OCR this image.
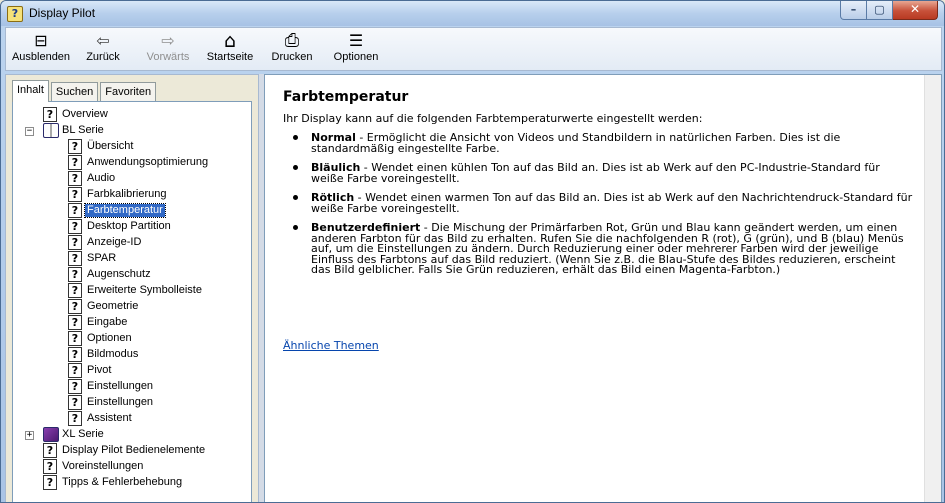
? Display Pilot	–	▢	✕
⊟
Ausblenden
⇦
Zurück
⇨
Vorwärts
⌂
Startseite
⎙
Drucken
☰
Optionen
Inhalt	Suchen	Favoriten
? Overview
−	BL Serie
? Übersicht
? Anwendungsoptimierung
? Audio
? Farbkalibrierung
? Farbtemperatur
? Desktop Partition
? Anzeige-ID
? SPAR
? Augenschutz
? Erweiterte Symbolleiste
? Geometrie
? Eingabe
? Optionen
? Bildmodus
? Pivot
? Einstellungen
? Einstellungen
? Assistent
+	XL Serie
? Display Pilot Bedienelemente
? Voreinstellungen
? Tipps & Fehlerbehebung
Farbtemperatur

Ihr Display kann auf die folgenden Farbtemperaturwerte eingestellt werden:

Normal - Ermöglicht die Ansicht von Videos und Standbildern in natürlichen Farben. Dies ist die standardmäßig eingestellte Farbe.
Bläulich - Wendet einen kühlen Ton auf das Bild an. Dies ist ab Werk auf den PC-Industrie-Standard für weiße Farbe voreingestellt.
Rötlich - Wendet einen warmen Ton auf das Bild an. Dies ist ab Werk auf den Nachrichtendruck-Standard für weiße Farbe voreingestellt.
Benutzerdefiniert - Die Mischung der Primärfarben Rot, Grün und Blau kann geändert werden, um einen anderen Farbton für das Bild zu erhalten. Rufen Sie die nachfolgenden R (rot), G (grün), und B (blau) Menüs auf, um die Einstellungen zu ändern. Durch Reduzierung einer oder mehrerer Farben wird der jeweilige Einfluss des Farbtons auf das Bild reduziert. (Wenn Sie z.B. die Blau-Stufe des Bildes reduzieren, erscheint das Bild gelblicher. Falls Sie Grün reduzieren, erhält das Bild einen Magenta-Farbton.)
Ähnliche Themen
